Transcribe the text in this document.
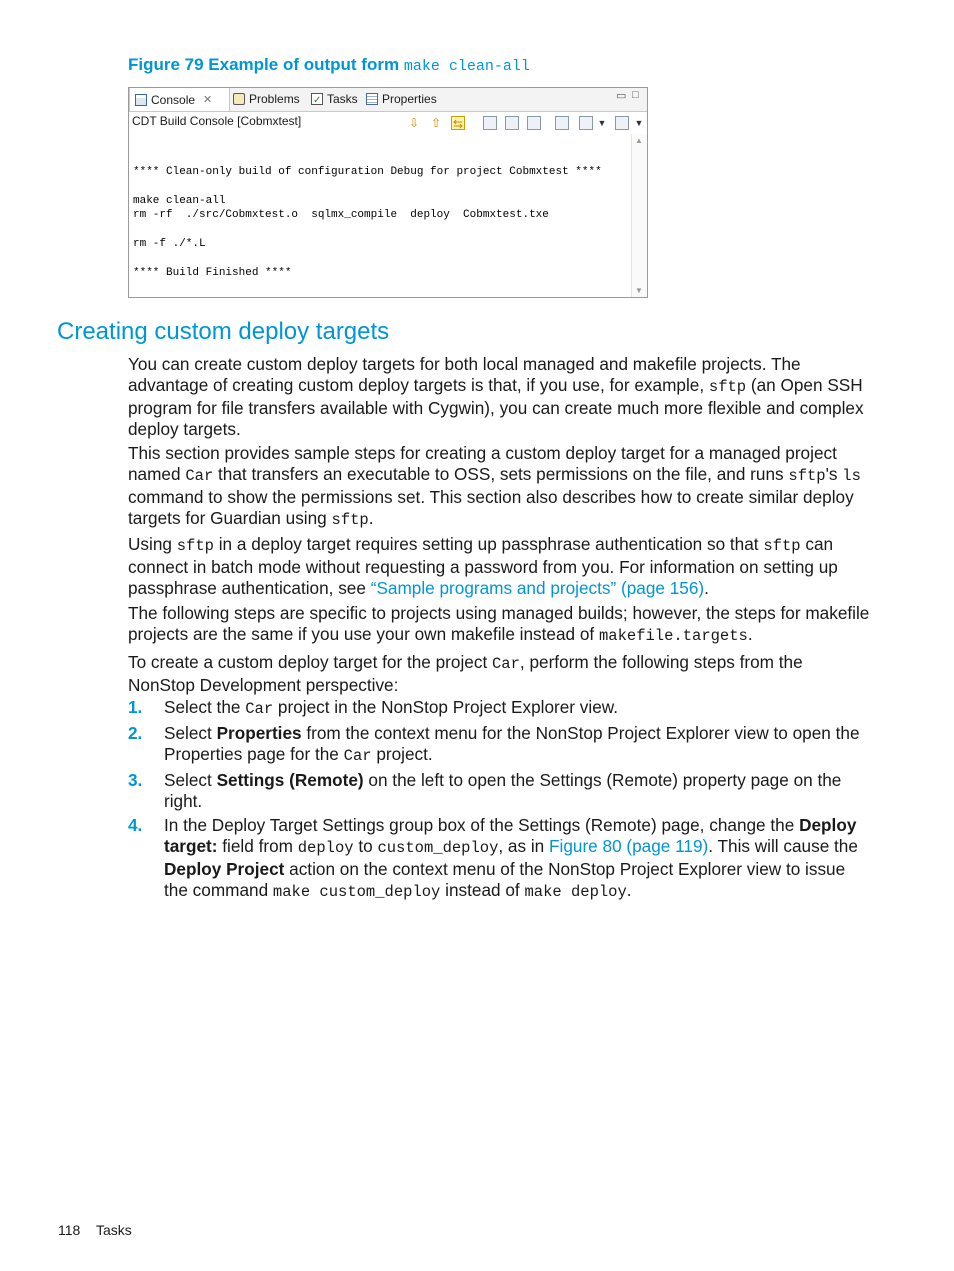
Figure 79 Example of output form make clean-all
Console ✕	Problems
✓ Tasks Properties	▭ □
CDT Build Console [Cobmxtest]	⇩ ⇧ ⇆	▼	▼

**** Clean-only build of configuration Debug for project Cobmxtest ****

make clean-all
rm -rf  ./src/Cobmxtest.o  sqlmx_compile  deploy  Cobmxtest.txe

rm -f ./*.L

**** Build Finished ****
▲
▼
Creating custom deploy targets

You can create custom deploy targets for both local managed and makefile projects. The advantage of creating custom deploy targets is that, if you use, for example, sftp (an Open SSH program for file transfers available with Cygwin), you can create much more flexible and complex deploy targets.

This section provides sample steps for creating a custom deploy target for a managed project named Car that transfers an executable to OSS, sets permissions on the file, and runs sftp's ls command to show the permissions set. This section also describes how to create similar deploy targets for Guardian using sftp.

Using sftp in a deploy target requires setting up passphrase authentication so that sftp can connect in batch mode without requesting a password from you. For information on setting up passphrase authentication, see “Sample programs and projects” (page 156).

The following steps are specific to projects using managed builds; however, the steps for makefile projects are the same if you use your own makefile instead of makefile.targets.

To create a custom deploy target for the project Car, perform the following steps from the NonStop Development perspective:

1. Select the Car project in the NonStop Project Explorer view.
2. Select Properties from the context menu for the NonStop Project Explorer view to open the Properties page for the Car project.
3. Select Settings (Remote) on the left to open the Settings (Remote) property page on the right.
4. In the Deploy Target Settings group box of the Settings (Remote) page, change the Deploy target: field from deploy to custom_deploy, as in Figure 80 (page 119). This will cause the Deploy Project action on the context menu of the NonStop Project Explorer view to issue the command make custom_deploy instead of make deploy.
118 Tasks
